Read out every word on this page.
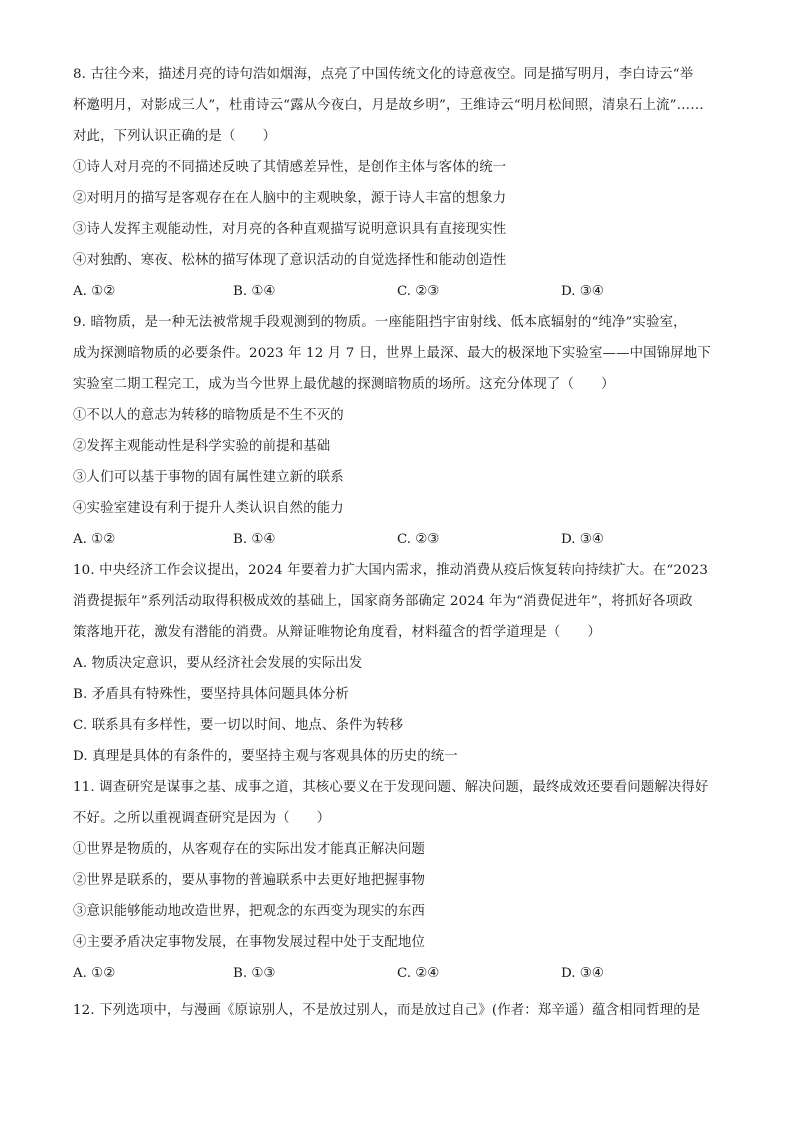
8. 古往今来，描述月亮的诗句浩如烟海，点亮了中国传统文化的诗意夜空。同是描写明月，李白诗云“举
杯邀明月，对影成三人”，杜甫诗云“露从今夜白，月是故乡明”，王维诗云“明月松间照，清泉石上流”……
对此，下列认识正确的是（　　）
①诗人对月亮的不同描述反映了其情感差异性，是创作主体与客体的统一
②对明月的描写是客观存在在人脑中的主观映象，源于诗人丰富的想象力
③诗人发挥主观能动性，对月亮的各种直观描写说明意识具有直接现实性
④对独酌、寒夜、松林的描写体现了意识活动的自觉选择性和能动创造性
A. ①②	B. ①④	C. ②③	D. ③④
9. 暗物质，是一种无法被常规手段观测到的物质。一座能阻挡宇宙射线、低本底辐射的“纯净”实验室，
成为探测暗物质的必要条件。2023 年 12 月 7 日，世界上最深、最大的极深地下实验室——中国锦屏地下
实验室二期工程完工，成为当今世界上最优越的探测暗物质的场所。这充分体现了（　　）
①不以人的意志为转移的暗物质是不生不灭的
②发挥主观能动性是科学实验的前提和基础
③人们可以基于事物的固有属性建立新的联系
④实验室建设有利于提升人类认识自然的能力
A. ①②	B. ①④	C. ②③	D. ③④
10. 中央经济工作会议提出，2024 年要着力扩大国内需求，推动消费从疫后恢复转向持续扩大。在“2023
消费提振年”系列活动取得积极成效的基础上，国家商务部确定 2024 年为“消费促进年”，将抓好各项政
策落地开花，激发有潜能的消费。从辩证唯物论角度看，材料蕴含的哲学道理是（　　）
A. 物质决定意识，要从经济社会发展的实际出发
B. 矛盾具有特殊性，要坚持具体问题具体分析
C. 联系具有多样性，要一切以时间、地点、条件为转移
D. 真理是具体的有条件的，要坚持主观与客观具体的历史的统一
11. 调查研究是谋事之基、成事之道，其核心要义在于发现问题、解决问题，最终成效还要看问题解决得好
不好。之所以重视调查研究是因为（　　）
①世界是物质的，从客观存在的实际出发才能真正解决问题
②世界是联系的，要从事物的普遍联系中去更好地把握事物
③意识能够能动地改造世界，把观念的东西变为现实的东西
④主要矛盾决定事物发展，在事物发展过程中处于支配地位
A. ①②	B. ①③	C. ②④	D. ③④
12. 下列选项中，与漫画《原谅别人，不是放过别人，而是放过自己》(作者：郑辛遥）蕴含相同哲理的是
